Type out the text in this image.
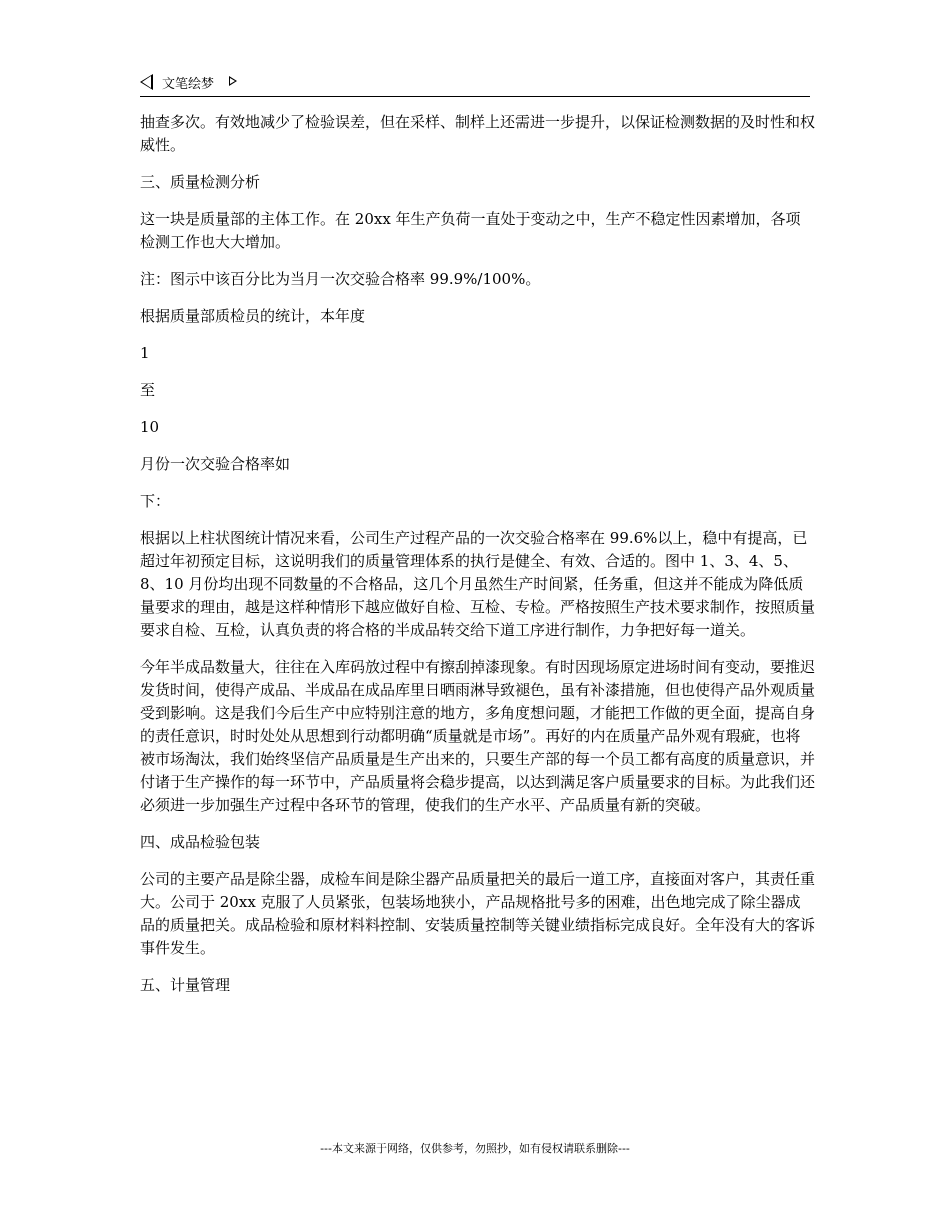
文笔绘梦

抽查多次。有效地减少了检验误差，但在采样、制样上还需进一步提升，以保证检测数据的及时性和权威性。

三、质量检测分析

这一块是质量部的主体工作。在 20xx 年生产负荷一直处于变动之中，生产不稳定性因素增加，各项检测工作也大大增加。

注：图示中该百分比为当月一次交验合格率 99.9%/100%。

根据质量部质检员的统计，本年度

1

至

10

月份一次交验合格率如

下：

根据以上柱状图统计情况来看，公司生产过程产品的一次交验合格率在 99.6%以上，稳中有提高，已超过年初预定目标，这说明我们的质量管理体系的执行是健全、有效、合适的。图中 1、3、4、5、8、10 月份均出现不同数量的不合格品，这几个月虽然生产时间紧，任务重，但这并不能成为降低质量要求的理由，越是这样种情形下越应做好自检、互检、专检。严格按照生产技术要求制作，按照质量要求自检、互检，认真负责的将合格的半成品转交给下道工序进行制作，力争把好每一道关。

今年半成品数量大，往往在入库码放过程中有擦刮掉漆现象。有时因现场原定进场时间有变动，要推迟发货时间，使得产成品、半成品在成品库里日晒雨淋导致褪色，虽有补漆措施，但也使得产品外观质量受到影响。这是我们今后生产中应特别注意的地方，多角度想问题，才能把工作做的更全面，提高自身的责任意识，时时处处从思想到行动都明确“质量就是市场”。再好的内在质量产品外观有瑕疵，也将被市场淘汰，我们始终坚信产品质量是生产出来的，只要生产部的每一个员工都有高度的质量意识，并付诸于生产操作的每一环节中，产品质量将会稳步提高，以达到满足客户质量要求的目标。为此我们还必须进一步加强生产过程中各环节的管理，使我们的生产水平、产品质量有新的突破。

四、成品检验包装

公司的主要产品是除尘器，成检车间是除尘器产品质量把关的最后一道工序，直接面对客户，其责任重大。公司于 20xx 克服了人员紧张，包装场地狭小，产品规格批号多的困难，出色地完成了除尘器成品的质量把关。成品检验和原材料料控制、安装质量控制等关键业绩指标完成良好。全年没有大的客诉事件发生。

五、计量管理

---本文来源于网络，仅供参考，勿照抄，如有侵权请联系删除---
